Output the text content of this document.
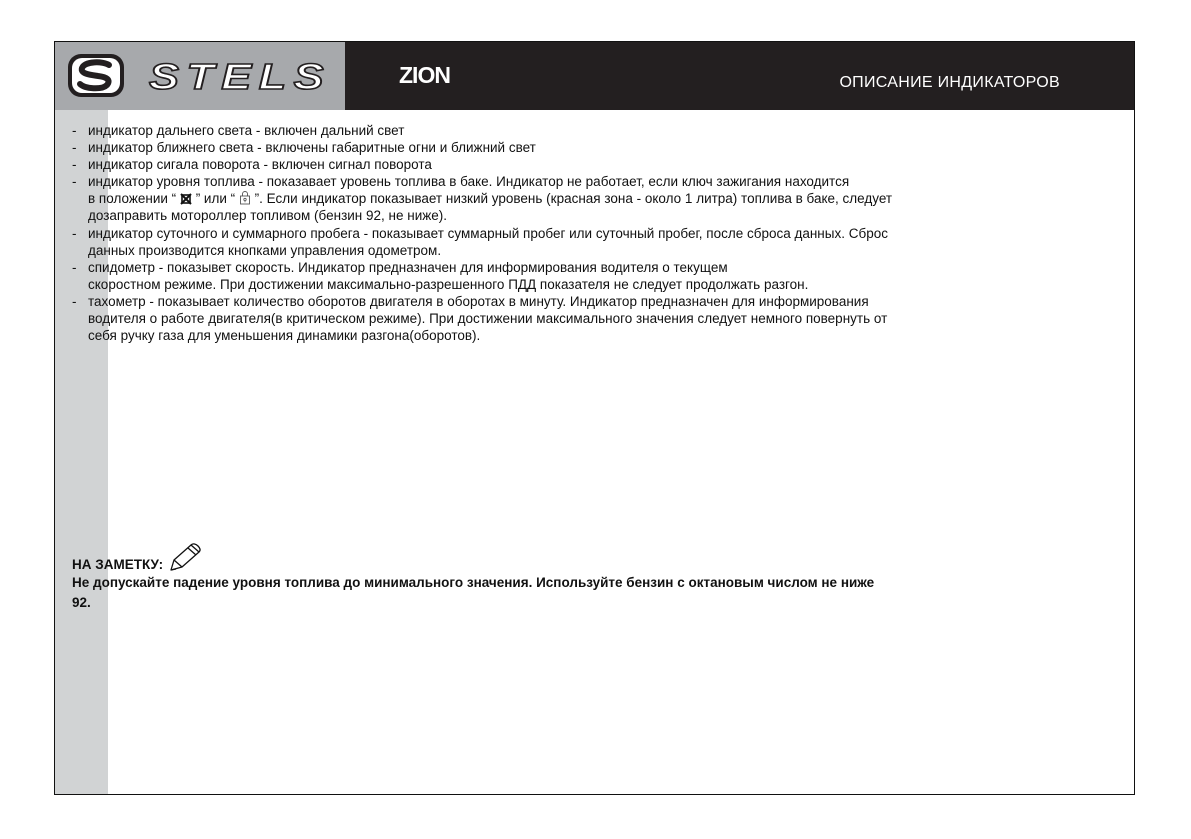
STELS	ZION	ОПИСАНИЕ ИНДИКАТОРОВ
- индикатор дальнего света - включен дальний свет
- индикатор ближнего света - включены габаритные огни и ближний свет
- индикатор сигала поворота - включен сигнал поворота
- индикатор уровня топлива - показавает уровень топлива в баке. Индикатор не работает, если ключ зажигания находится
в положении “ ” или “ ”. Если индикатор показывает низкий уровень (красная зона - около 1 литра) топлива в баке, следует
дозаправить мотороллер топливом (бензин 92, не ниже).
- индикатор суточного и суммарного пробега - показывает суммарный пробег или суточный пробег, после сброса данных. Сброс
данных производится кнопками управления одометром.
- спидометр - показывет скорость. Индикатор предназначен для информирования водителя о текущем
скоростном режиме. При достижении максимально-разрешенного ПДД показателя не следует продолжать разгон.
- тахометр - показывает количество оборотов двигателя в оборотах в минуту. Индикатор предназначен для информирования
водителя о работе двигателя(в критическом режиме). При достижении максимального значения следует немного повернуть от
себя ручку газа для уменьшения динамики разгона(оборотов).
НА ЗАМЕТКУ:
Не допускайте падение уровня топлива до минимального значения. Используйте бензин с октановым числом не ниже
92.
